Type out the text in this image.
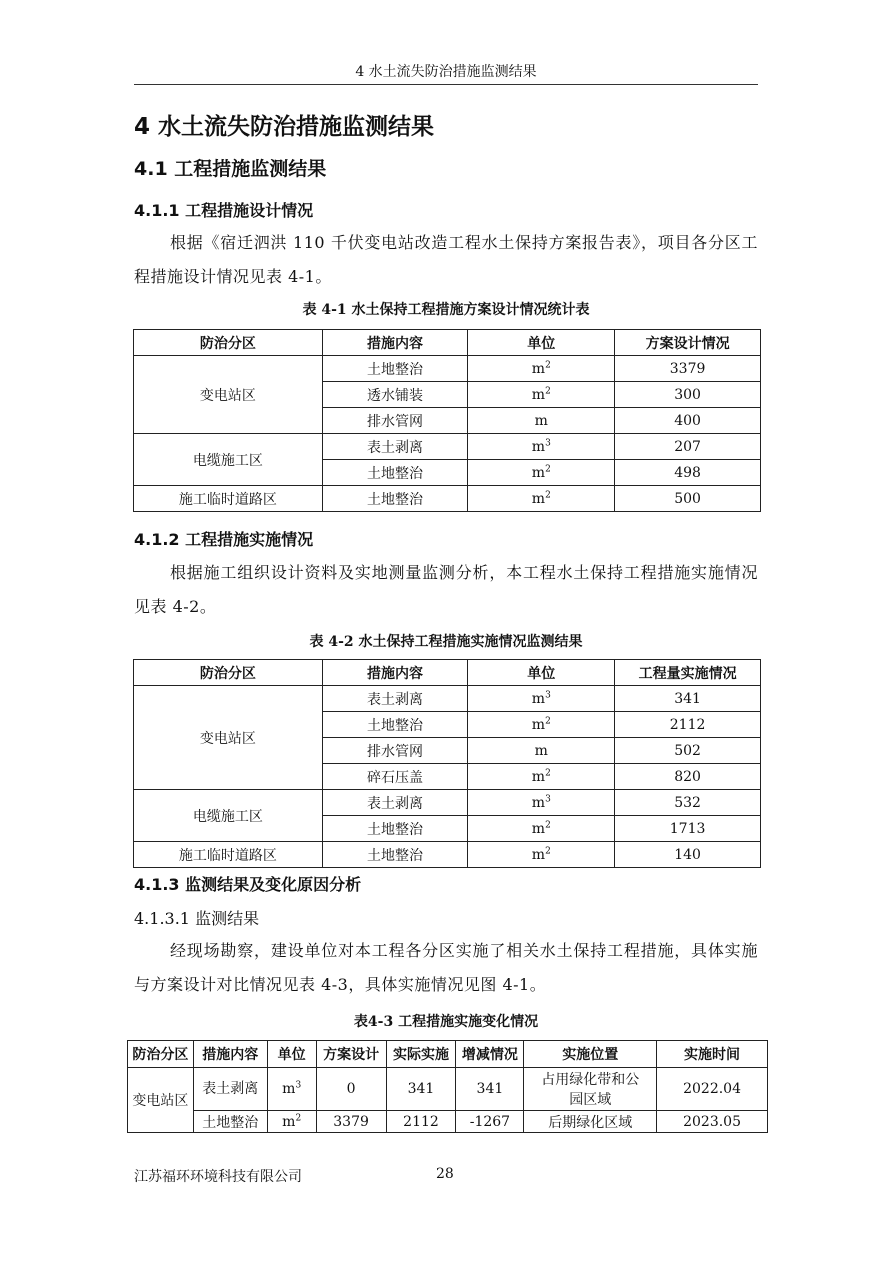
4 水土流失防治措施监测结果
4 水土流失防治措施监测结果
4.1 工程措施监测结果
4.1.1 工程措施设计情况
根据《宿迁泗洪 110 千伏变电站改造工程水土保持方案报告表》，项目各分区工程措施设计情况见表 4-1。
表 4-1 水土保持工程措施方案设计情况统计表
防治分区	措施内容	单位	方案设计情况
变电站区	土地整治	$m^2$	3379
	透水铺装	$m^2$	300
	排水管网	m	400
电缆施工区	表土剥离	$m^3$	207
	土地整治	$m^2$	498
施工临时道路区	土地整治	$m^2$	500
4.1.2 工程措施实施情况
根据施工组织设计资料及实地测量监测分析，本工程水土保持工程措施实施情况见表 4-2。
表 4-2 水土保持工程措施实施情况监测结果
防治分区	措施内容	单位	工程量实施情况
变电站区	表土剥离	$m^3$	341
	土地整治	$m^2$	2112
	排水管网	m	502
	碎石压盖	$m^2$	820
电缆施工区	表土剥离	$m^3$	532
	土地整治	$m^2$	1713
施工临时道路区	土地整治	$m^2$	140
4.1.3 监测结果及变化原因分析
4.1.3.1 监测结果
经现场勘察，建设单位对本工程各分区实施了相关水土保持工程措施，具体实施与方案设计对比情况见表 4-3，具体实施情况见图 4-1。
表4-3 工程措施实施变化情况
防治分区	措施内容	单位	方案设计	实际实施	增减情况	实施位置	实施时间
变电站区	表土剥离	$m^3$	0	341	341	占用绿化带和公园区域	2022.04
	土地整治	$m^2$	3379	2112	-1267	后期绿化区域	2023.05
江苏福环环境科技有限公司	28
